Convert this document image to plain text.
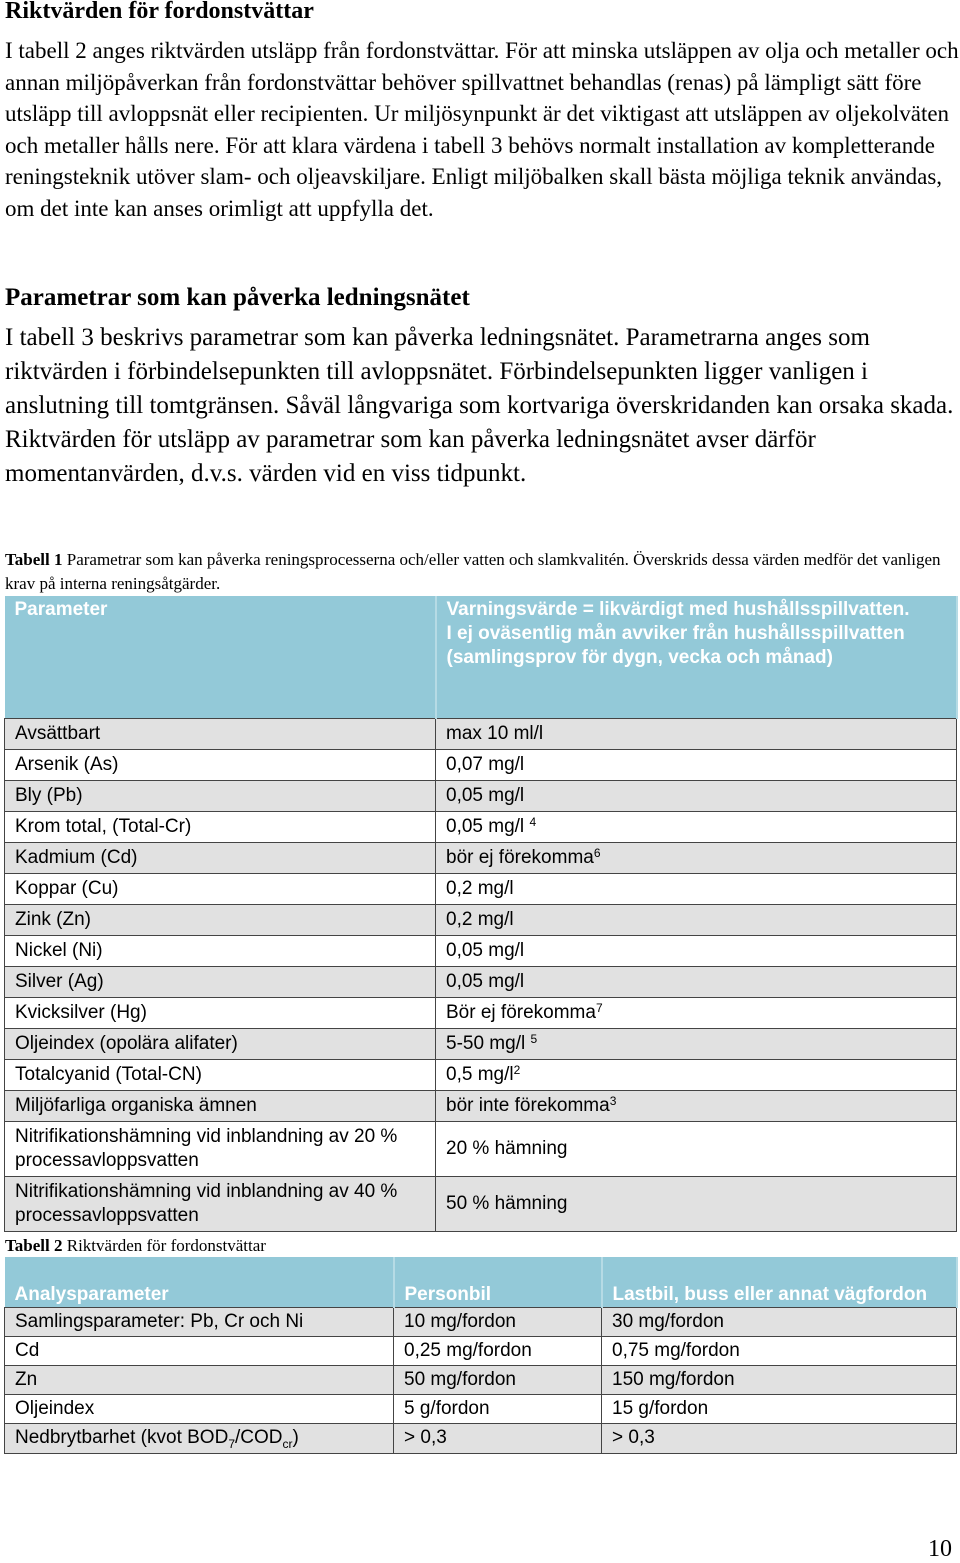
Riktvärden för fordonstvättar
I tabell 2 anges riktvärden utsläpp från fordonstvättar. För att minska utsläppen av olja och metaller och annan miljöpåverkan från fordonstvättar behöver spillvattnet behandlas (renas) på lämpligt sätt före utsläpp till avloppsnät eller recipienten. Ur miljösynpunkt är det viktigast att utsläppen av oljekolväten och metaller hålls nere. För att klara värdena i tabell 3 behövs normalt installation av kompletterande reningsteknik utöver slam- och oljeavskiljare. Enligt miljöbalken skall bästa möjliga teknik användas, om det inte kan anses orimligt att uppfylla det.
Parametrar som kan påverka ledningsnätet
I tabell 3 beskrivs parametrar som kan påverka ledningsnätet. Parametrarna anges som riktvärden i förbindelsepunkten till avloppsnätet. Förbindelsepunkten ligger vanligen i anslutning till tomtgränsen. Såväl långvariga som kortvariga överskridanden kan orsaka skada. Riktvärden för utsläpp av parametrar som kan påverka ledningsnätet avser därför momentanvärden, d.v.s. värden vid en viss tidpunkt.
Tabell 1 Parametrar som kan påverka reningsprocesserna och/eller vatten och slamkvalitén. Överskrids dessa värden medför det vanligen krav på interna reningsåtgärder.
Parameter	Varningsvärde = likvärdigt med hushållsspillvatten.
I ej oväsentlig mån avviker från hushållsspillvatten (samlingsprov för dygn, vecka och månad)

Avsättbart	max 10 ml/l
Arsenik (As)	0,07 mg/l
Bly (Pb)	0,05 mg/l
Krom total, (Total-Cr)	0,05 mg/l $^4$
Kadmium (Cd)	bör ej förekomma$^6$
Koppar (Cu)	0,2 mg/l
Zink (Zn)	0,2 mg/l
Nickel (Ni)	0,05 mg/l
Silver (Ag)	0,05 mg/l
Kvicksilver (Hg)	Bör ej förekomma$^7$
Oljeindex (opolära alifater)	5-50 mg/l $^5$
Totalcyanid (Total-CN)	0,5 $mg/l^2$
Miljöfarliga organiska ämnen	bör inte förekomma$^3$
Nitrifikationshämning vid inblandning av 20 % processavloppsvatten	20 % hämning
Nitrifikationshämning vid inblandning av 40 % processavloppsvatten	50 % hämning
Tabell 2 Riktvärden för fordonstvättar
Analysparameter	Personbil	Lastbil, buss eller annat vägfordon
Samlingsparameter: Pb, Cr och Ni	10 mg/fordon	30 mg/fordon
Cd	0,25 mg/fordon	0,75 mg/fordon
Zn	50 mg/fordon	150 mg/fordon
Oljeindex	5 g/fordon	15 g/fordon
Nedbrytbarhet (kvot $BOD_7/COD_{cr}$)	> 0,3	> 0,3
10
